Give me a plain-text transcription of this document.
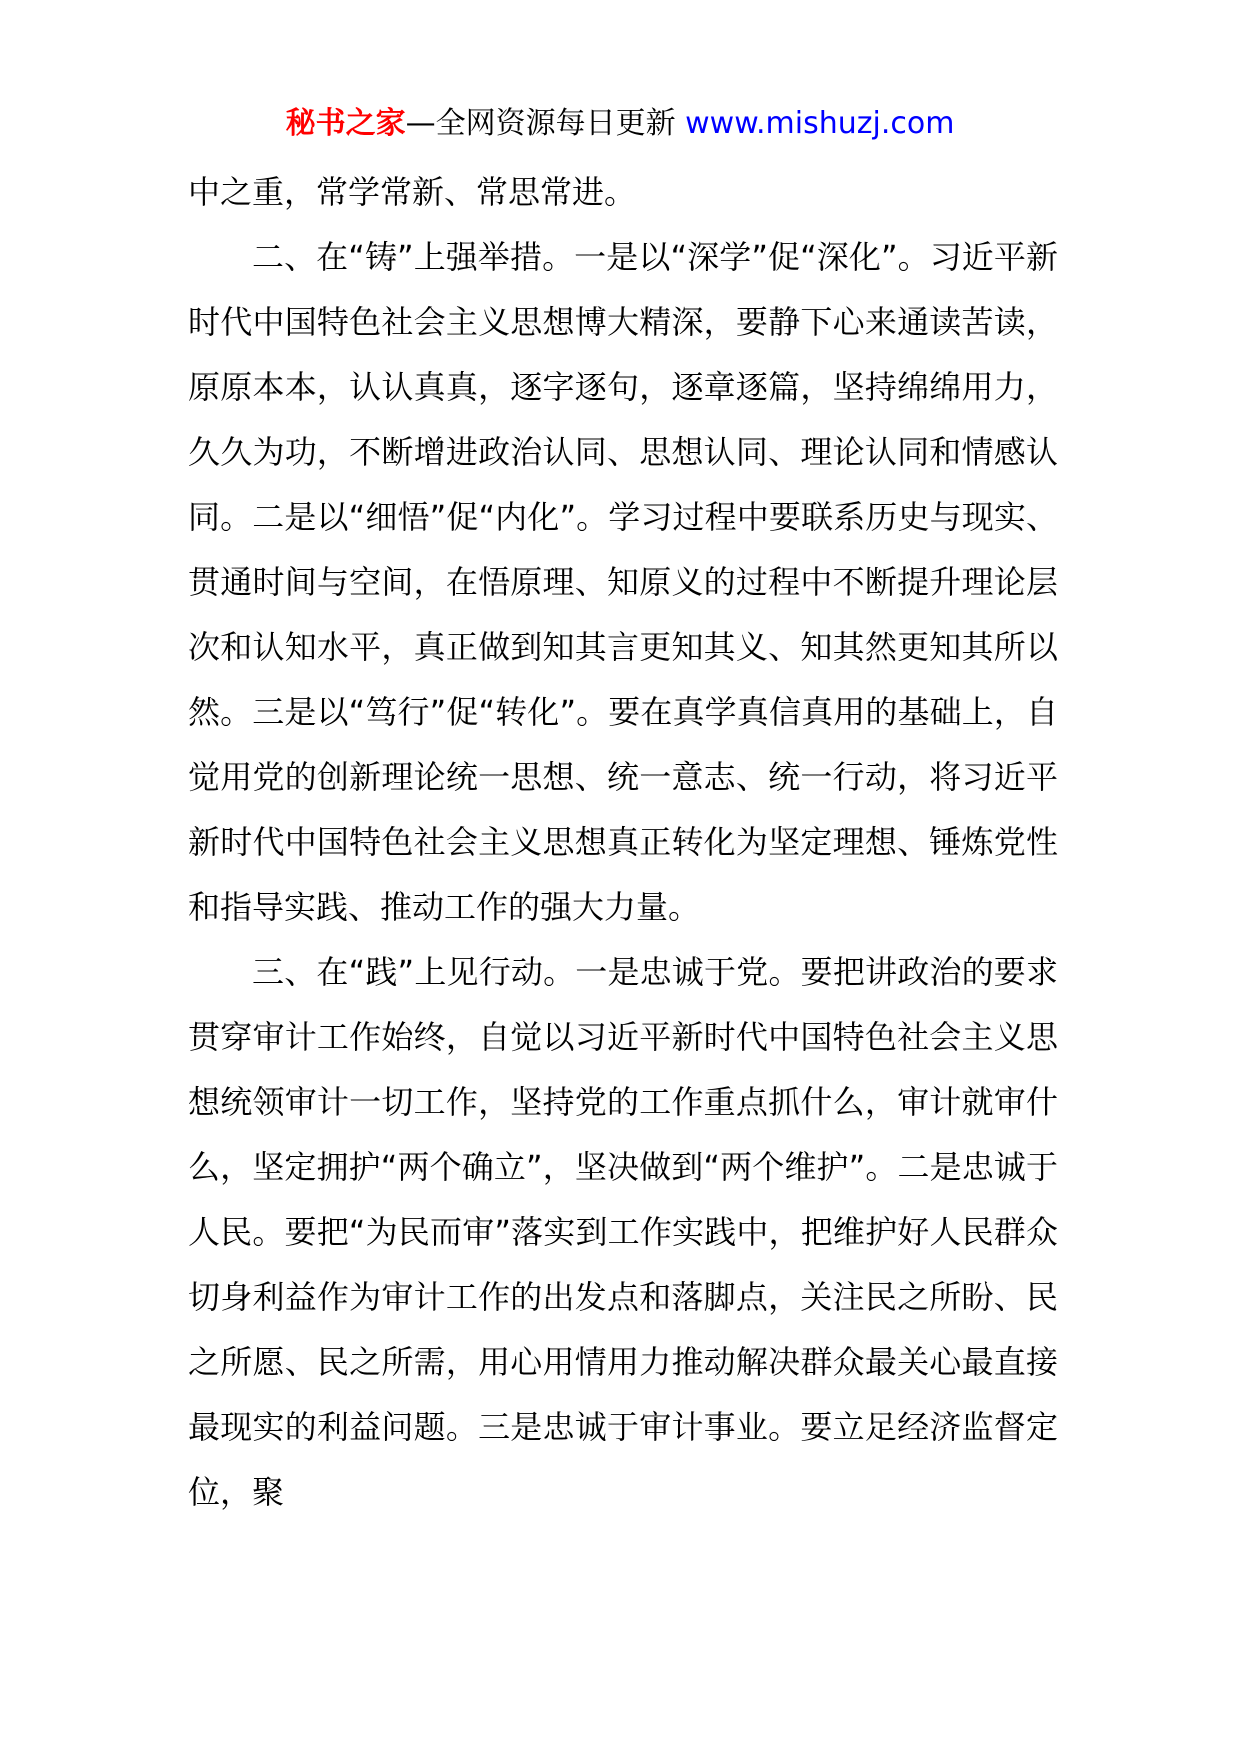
秘书之家—全网资源每日更新 www.mishuzj.com

中之重，常学常新、常思常进。

二、在“铸”上强举措。一是以“深学”促“深化”。习近平新时代中国特色社会主义思想博大精深，要静下心来通读苦读，原原本本，认认真真，逐字逐句，逐章逐篇，坚持绵绵用力，久久为功，不断增进政治认同、思想认同、理论认同和情感认同。二是以“细悟”促“内化”。学习过程中要联系历史与现实、贯通时间与空间，在悟原理、知原义的过程中不断提升理论层次和认知水平，真正做到知其言更知其义、知其然更知其所以然。三是以“笃行”促“转化”。要在真学真信真用的基础上，自觉用党的创新理论统一思想、统一意志、统一行动，将习近平新时代中国特色社会主义思想真正转化为坚定理想、锤炼党性和指导实践、推动工作的强大力量。

三、在“践”上见行动。一是忠诚于党。要把讲政治的要求贯穿审计工作始终，自觉以习近平新时代中国特色社会主义思想统领审计一切工作，坚持党的工作重点抓什么，审计就审什么，坚定拥护“两个确立”，坚决做到“两个维护”。二是忠诚于人民。要把“为民而审”落实到工作实践中，把维护好人民群众切身利益作为审计工作的出发点和落脚点，关注民之所盼、民之所愿、民之所需，用心用情用力推动解决群众最关心最直接最现实的利益问题。三是忠诚于审计事业。要立足经济监督定位，聚
